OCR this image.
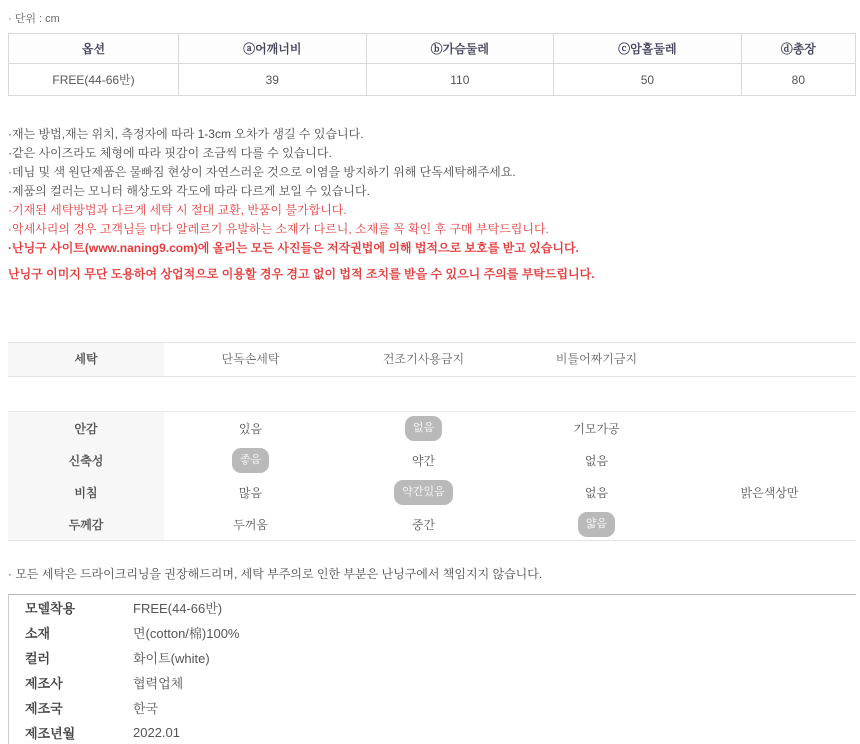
· 단위 : cm
옵션	ⓐ어깨너비	ⓑ가슴둘레	ⓒ암홀둘레	ⓓ총장
FREE(44-66반)	39	110	50	80
·재는 방법,재는 위치, 측정자에 따라 1-3cm 오차가 생길 수 있습니다.
·같은 사이즈라도 체형에 따라 핏감이 조금씩 다를 수 있습니다.
·데님 및 색 원단제품은 물빠짐 현상이 자연스러운 것으로 이염을 방지하기 위해 단독세탁해주세요.
·제품의 컬러는 모니터 해상도와 각도에 따라 다르게 보일 수 있습니다.
·기재된 세탁방법과 다르게 세탁 시 절대 교환, 반품이 불가합니다.
·악세사리의 경우 고객님들 마다 알레르기 유발하는 소재가 다르니, 소재를 꼭 확인 후 구매 부탁드립니다.
·난닝구 사이트(www.naning9.com)에 올리는 모든 사진들은 저작권법에 의해 법적으로 보호를 받고 있습니다.
난닝구 이미지 무단 도용하여 상업적으로 이용할 경우 경고 없이 법적 조치를 받을 수 있으니 주의를 부탁드립니다.
세탁	단독손세탁	건조기사용금지	비틀어짜기금지
안감	있음	없음	기모가공
신축성	좋음	약간	없음
비침	많음	약간있음	없음	밝은색상만
두께감	두꺼움	중간	얇음
· 모든 세탁은 드라이크리닝을 권장해드리며, 세탁 부주의로 인한 부분은 난닝구에서 책임지지 않습니다.
모델착용	FREE(44-66반)
소재	면(cotton/棉)100%
컬러	화이트(white)
제조사	협력업체
제조국	한국
제조년월	2022.01
